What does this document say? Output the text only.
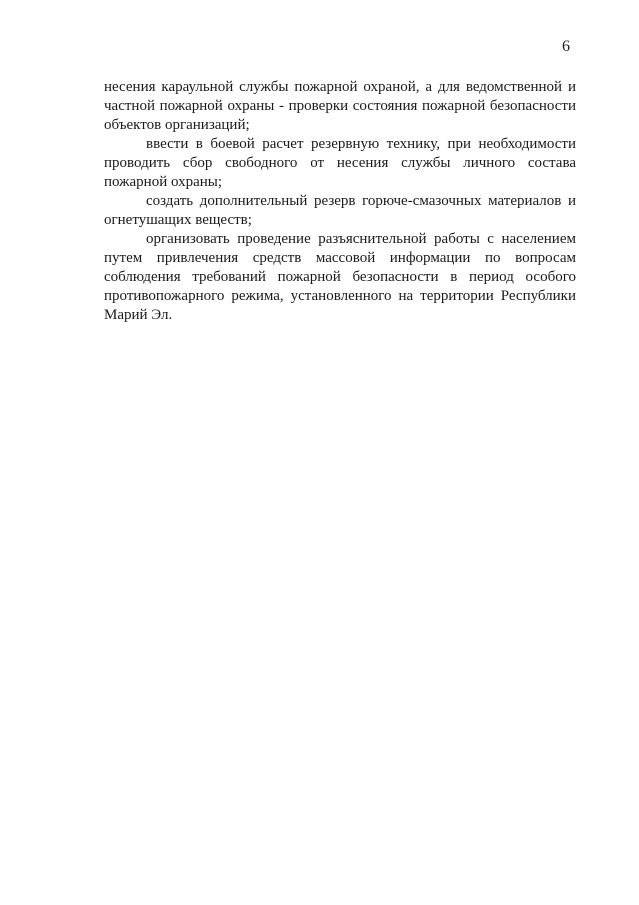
6

несения караульной службы пожарной охраной, а для ведомственной и частной пожарной охраны - проверки состояния пожарной безопасности объектов организаций;

ввести в боевой расчет резервную технику, при необходимости проводить сбор свободного от несения службы личного состава пожарной охраны;

создать дополнительный резерв горюче-смазочных материалов и огнетушащих веществ;

организовать проведение разъяснительной работы с населением путем привлечения средств массовой информации по вопросам соблюдения требований пожарной безопасности в период особого противопожарного режима, установленного на территории Республики Марий Эл.
